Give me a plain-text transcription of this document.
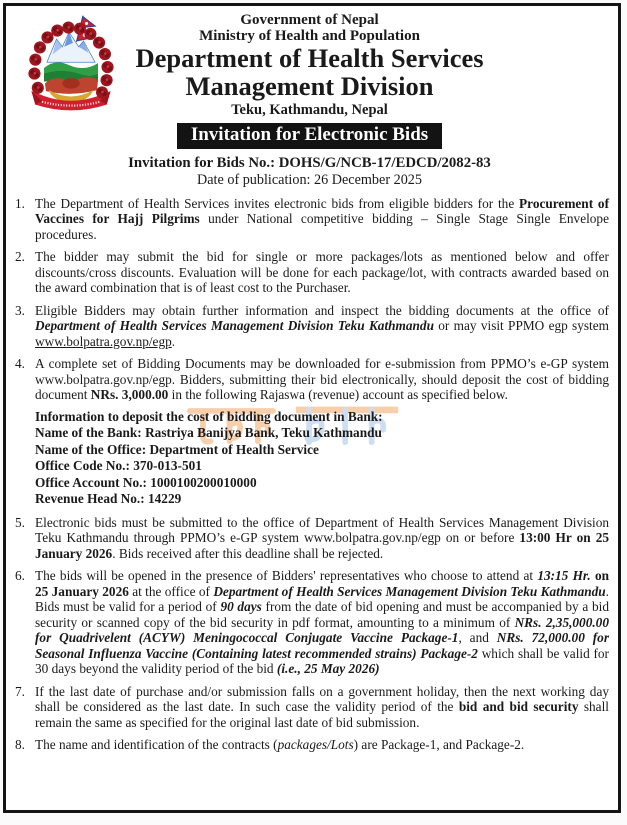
Government of Nepal
Ministry of Health and Population
Department of Health Services
Management Division
Teku, Kathmandu, Nepal
Invitation for Electronic Bids
Invitation for Bids No.: DOHS/G/NCB-17/EDCD/2082-83
Date of publication: 26 December 2025
1. The Department of Health Services invites electronic bids from eligible bidders for the Procurement of Vaccines for Hajj Pilgrims under National competitive bidding – Single Stage Single Envelope procedures.
2. The bidder may submit the bid for single or more packages/lots as mentioned below and offer discounts/cross discounts. Evaluation will be done for each package/lot, with contracts awarded based on the award combination that is of least cost to the Purchaser.
3. Eligible Bidders may obtain further information and inspect the bidding documents at the office of Department of Health Services Management Division Teku Kathmandu or may visit PPMO egp system www.bolpatra.gov.np/egp.
4. A complete set of Bidding Documents may be downloaded for e-submission from PPMO’s e-GP system www.bolpatra.gov.np/egp. Bidders, submitting their bid electronically, should deposit the cost of bidding document NRs. 3,000.00 in the following Rajaswa (revenue) account as specified below.
Information to deposit the cost of bidding document in Bank:
Name of the Bank: Rastriya Banijya Bank, Teku Kathmandu
Name of the Office: Department of Health Service
Office Code No.: 370-013-501
Office Account No.: 1000100200010000
Revenue Head No.: 14229
5. Electronic bids must be submitted to the office of Department of Health Services Management Division Teku Kathmandu through PPMO’s e-GP system www.bolpatra.gov.np/egp on or before 13:00 Hr on 25 January 2026. Bids received after this deadline shall be rejected.
6. The bids will be opened in the presence of Bidders' representatives who choose to attend at 13:15 Hr. on 25 January 2026 at the office of Department of Health Services Management Division Teku Kathmandu. Bids must be valid for a period of 90 days from the date of bid opening and must be accompanied by a bid security or scanned copy of the bid security in pdf format, amounting to a minimum of NRs. 2,35,000.00 for Quadrivelent (ACYW) Meningococcal Conjugate Vaccine Package-1, and NRs. 72,000.00 for Seasonal Influenza Vaccine (Containing latest recommended strains) Package-2 which shall be valid for 30 days beyond the validity period of the bid (i.e., 25 May 2026)
7. If the last date of purchase and/or submission falls on a government holiday, then the next working day shall be considered as the last date. In such case the validity period of the bid and bid security shall remain the same as specified for the original last date of bid submission.
8. The name and identification of the contracts (packages/Lots) are Package-1, and Package-2.
